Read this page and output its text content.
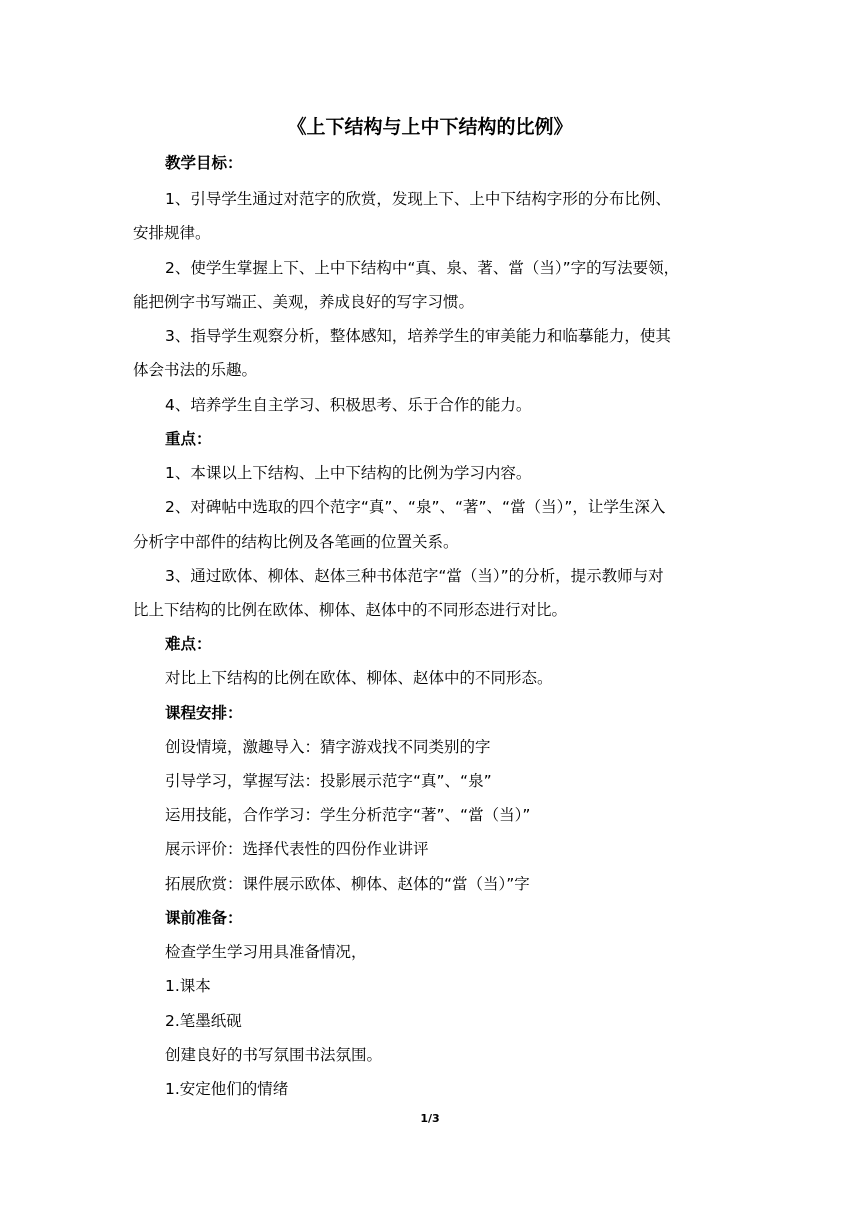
《上下结构与上中下结构的比例》
教学目标：
1、引导学生通过对范字的欣赏，发现上下、上中下结构字形的分布比例、
安排规律。
2、使学生掌握上下、上中下结构中“真、泉、著、當（当）”字的写法要领，
能把例字书写端正、美观，养成良好的写字习惯。
3、指导学生观察分析，整体感知，培养学生的审美能力和临摹能力，使其
体会书法的乐趣。
4、培养学生自主学习、积极思考、乐于合作的能力。
重点：
1、本课以上下结构、上中下结构的比例为学习内容。
2、对碑帖中选取的四个范字“真”、“泉”、“著”、“當（当）”，让学生深入
分析字中部件的结构比例及各笔画的位置关系。
3、通过欧体、柳体、赵体三种书体范字“當（当）”的分析，提示教师与对
比上下结构的比例在欧体、柳体、赵体中的不同形态进行对比。
难点：
对比上下结构的比例在欧体、柳体、赵体中的不同形态。
课程安排：
创设情境，激趣导入：猜字游戏找不同类别的字
引导学习，掌握写法：投影展示范字“真”、“泉”
运用技能，合作学习：学生分析范字“著”、“當（当）”
展示评价：选择代表性的四份作业讲评
拓展欣赏：课件展示欧体、柳体、赵体的“當（当）”字
课前准备：
检查学生学习用具准备情况，
1.课本
2.笔墨纸砚
创建良好的书写氛围书法氛围。
1.安定他们的情绪
1/3
